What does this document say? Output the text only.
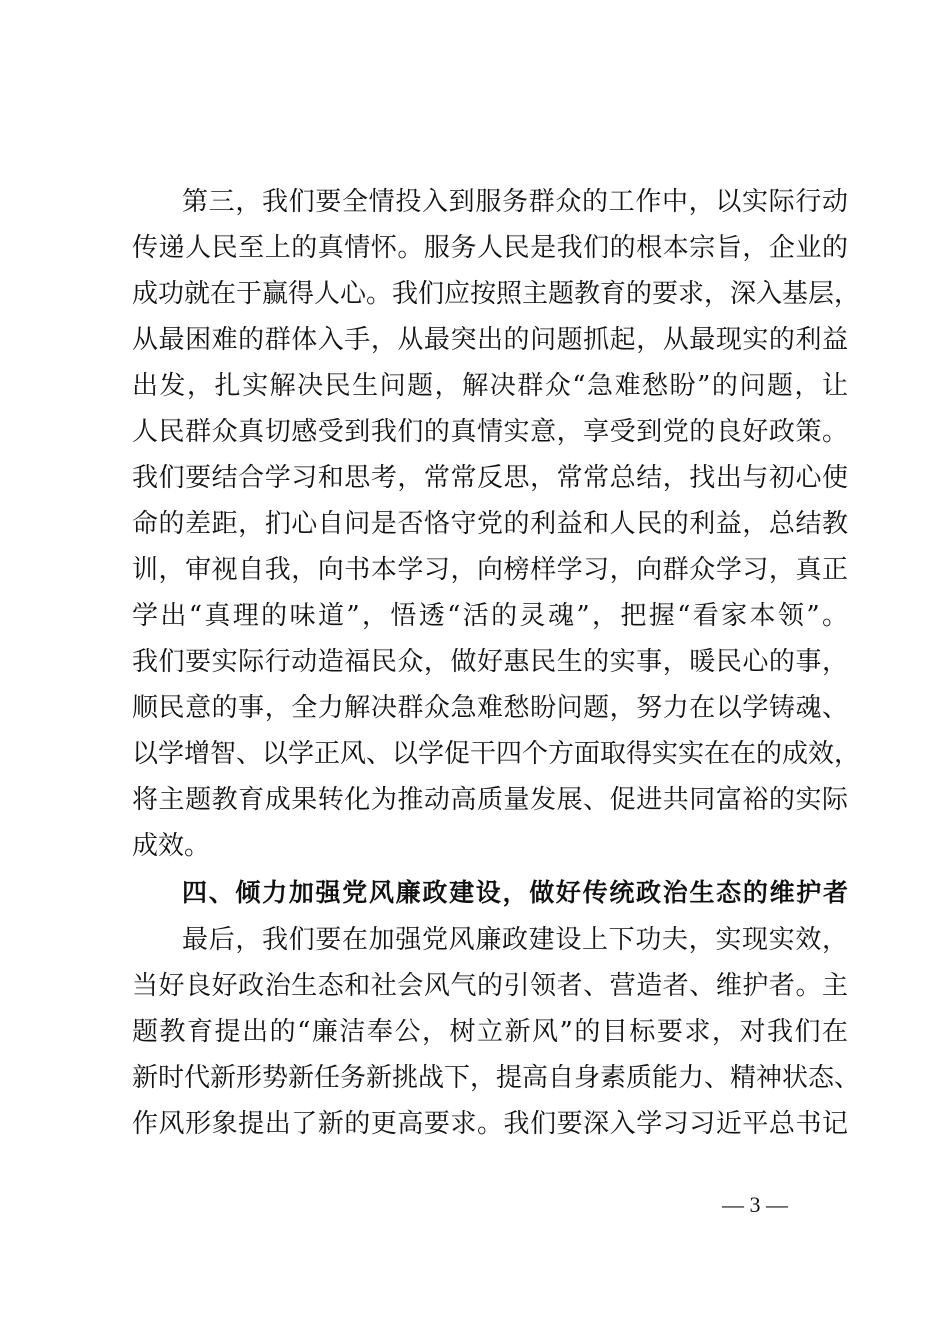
第三，我们要全情投入到服务群众的工作中，以实际行动
传递人民至上的真情怀。服务人民是我们的根本宗旨，企业的
成功就在于赢得人心。我们应按照主题教育的要求，深入基层，
从最困难的群体入手，从最突出的问题抓起，从最现实的利益
出发，扎实解决民生问题，解决群众“急难愁盼”的问题，让
人民群众真切感受到我们的真情实意，享受到党的良好政策。
我们要结合学习和思考，常常反思，常常总结，找出与初心使
命的差距，扪心自问是否恪守党的利益和人民的利益，总结教
训，审视自我，向书本学习，向榜样学习，向群众学习，真正
学出“真理的味道”，悟透“活的灵魂”，把握“看家本领”。
我们要实际行动造福民众，做好惠民生的实事，暖民心的事，
顺民意的事，全力解决群众急难愁盼问题，努力在以学铸魂、
以学增智、以学正风、以学促干四个方面取得实实在在的成效，
将主题教育成果转化为推动高质量发展、促进共同富裕的实际
成效。
四、倾力加强党风廉政建设，做好传统政治生态的维护者
最后，我们要在加强党风廉政建设上下功夫，实现实效，
当好良好政治生态和社会风气的引领者、营造者、维护者。主
题教育提出的“廉洁奉公，树立新风”的目标要求，对我们在
新时代新形势新任务新挑战下，提高自身素质能力、精神状态、
作风形象提出了新的更高要求。我们要深入学习习近平总书记
— 3 —
